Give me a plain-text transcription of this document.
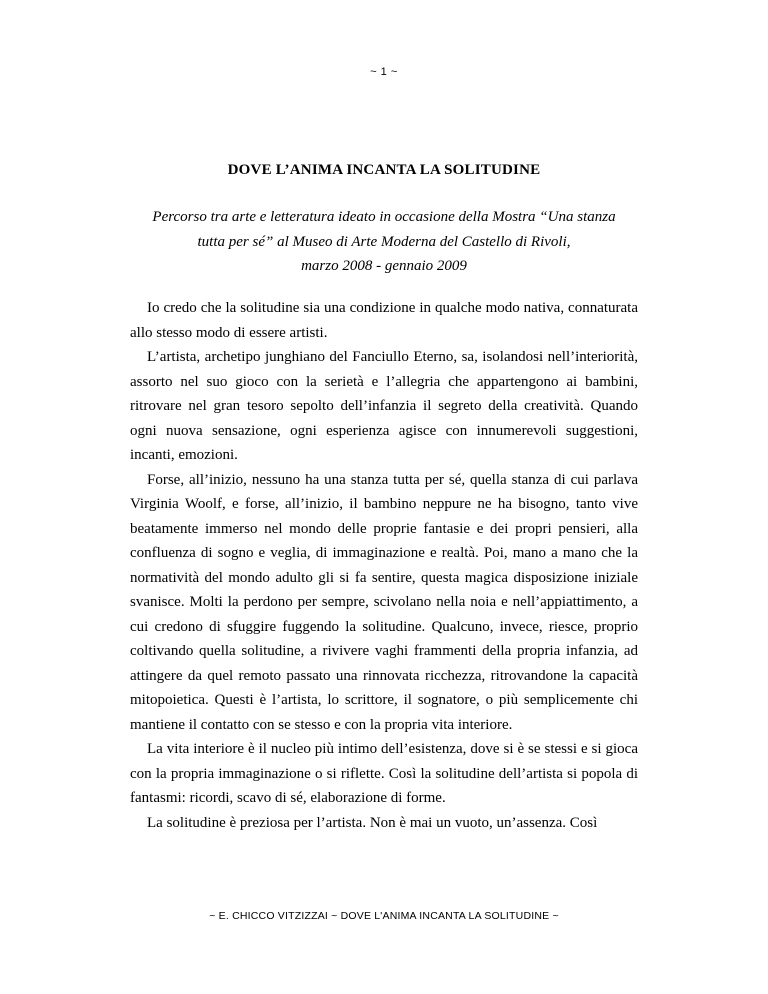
~ 1 ~
DOVE L’ANIMA INCANTA LA SOLITUDINE
Percorso tra arte e letteratura ideato in occasione della Mostra “Una stanza
tutta per sé” al Museo di Arte Moderna del Castello di Rivoli,
marzo 2008 - gennaio 2009

Io credo che la solitudine sia una condizione in qualche modo nativa, connaturata allo stesso modo di essere artisti.

L’artista, archetipo junghiano del Fanciullo Eterno, sa, isolandosi nell’interiorità, assorto nel suo gioco con la serietà e l’allegria che appartengono ai bambini, ritrovare nel gran tesoro sepolto dell’infanzia il segreto della creatività. Quando ogni nuova sensazione, ogni esperienza agisce con innumerevoli suggestioni, incanti, emozioni.

Forse, all’inizio, nessuno ha una stanza tutta per sé, quella stanza di cui parlava Virginia Woolf, e forse, all’inizio, il bambino neppure ne ha bisogno, tanto vive beatamente immerso nel mondo delle proprie fantasie e dei propri pensieri, alla confluenza di sogno e veglia, di immaginazione e realtà. Poi, mano a mano che la normatività del mondo adulto gli si fa sentire, questa magica disposizione iniziale svanisce. Molti la perdono per sempre, scivolano nella noia e nell’appiattimento, a cui credono di sfuggire fuggendo la solitudine. Qualcuno, invece, riesce, proprio coltivando quella solitudine, a rivivere vaghi frammenti della propria infanzia, ad attingere da quel remoto passato una rinnovata ricchezza, ritrovandone la capacità mitopoietica. Questi è l’artista, lo scrittore, il sognatore, o più semplicemente chi mantiene il contatto con se stesso e con la propria vita interiore.

La vita interiore è il nucleo più intimo dell’esistenza, dove si è se stessi e si gioca con la propria immaginazione o si riflette. Così la solitudine dell’artista si popola di fantasmi: ricordi, scavo di sé, elaborazione di forme.

La solitudine è preziosa per l’artista. Non è mai un vuoto, un’assenza. Così

~ E. CHICCO VITZIZZAI ~ DOVE L'ANIMA INCANTA LA SOLITUDINE ~
